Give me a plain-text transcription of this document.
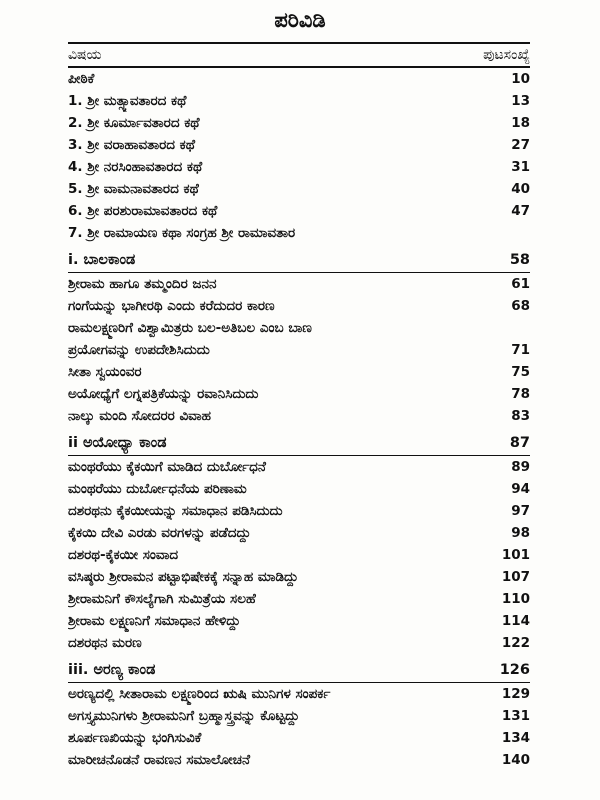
ಪರಿವಿಡಿ
ವಿಷಯ	ಪುಟಸಂಖ್ಯೆ
ಪೀಠಿಕೆ	10
1. ಶ್ರೀ ಮತ್ಸ್ಯಾವತಾರದ ಕಥೆ	13
2. ಶ್ರೀ ಕೂರ್ಮಾವತಾರದ ಕಥೆ	18
3. ಶ್ರೀ ವರಾಹಾವತಾರದ ಕಥೆ	27
4. ಶ್ರೀ ನರಸಿಂಹಾವತಾರದ ಕಥೆ	31
5. ಶ್ರೀ ವಾಮನಾವತಾರದ ಕಥೆ	40
6. ಶ್ರೀ ಪರಶುರಾಮಾವತಾರದ ಕಥೆ	47
7. ಶ್ರೀ ರಾಮಾಯಣ ಕಥಾ ಸಂಗ್ರಹ ಶ್ರೀ ರಾಮಾವತಾರ
i. ಬಾಲಕಾಂಡ	58
ಶ್ರೀರಾಮ ಹಾಗೂ ತಮ್ಮಂದಿರ ಜನನ	61
ಗಂಗೆಯನ್ನು ಭಾಗೀರಥಿ ಎಂದು ಕರೆದುದರ ಕಾರಣ	68
ರಾಮಲಕ್ಷ್ಮಣರಿಗೆ ವಿಶ್ವಾಮಿತ್ರರು ಬಲ-ಅತಿಬಲ ಎಂಬ ಬಾಣ
ಪ್ರಯೋಗವನ್ನು ಉಪದೇಶಿಸಿದುದು	71
ಸೀತಾ ಸ್ವಯಂವರ	75
ಅಯೋಧ್ಯೆಗೆ ಲಗ್ನಪತ್ರಿಕೆಯನ್ನು ರವಾನಿಸಿದುದು	78
ನಾಲ್ಕು ಮಂದಿ ಸೋದರರ ವಿವಾಹ	83
ii ಅಯೋಧ್ಯಾ ಕಾಂಡ	87
ಮಂಥರೆಯು ಕೈಕಯಿಗೆ ಮಾಡಿದ ದುರ್ಬೋಧನೆ	89
ಮಂಥರೆಯು ದುರ್ಬೋಧನೆಯ ಪರಿಣಾಮ	94
ದಶರಥನು ಕೈಕಯೀಯನ್ನು ಸಮಾಧಾನ ಪಡಿಸಿದುದು	97
ಕೈಕಯಿ ದೇವಿ ಎರಡು ವರಗಳನ್ನು ಪಡೆದದ್ದು	98
ದಶರಥ-ಕೈಕಯೀ ಸಂವಾದ	101
ವಸಿಷ್ಠರು ಶ್ರೀರಾಮನ ಪಟ್ಟಾಭಿಷೇಕಕ್ಕೆ ಸನ್ನಾಹ ಮಾಡಿದ್ದು	107
ಶ್ರೀರಾಮನಿಗೆ ಕೌಸಲ್ಯೆಗಾಗಿ ಸುಮಿತ್ರೆಯ ಸಲಹೆ	110
ಶ್ರೀರಾಮ ಲಕ್ಷ್ಮಣನಿಗೆ ಸಮಾಧಾನ ಹೇಳಿದ್ದು	114
ದಶರಥನ ಮರಣ	122
iii. ಅರಣ್ಯ ಕಾಂಡ	126
ಅರಣ್ಯದಲ್ಲಿ ಸೀತಾರಾಮ ಲಕ್ಷ್ಮಣರಿಂದ ಋಷಿ ಮುನಿಗಳ ಸಂಪರ್ಕ	129
ಅಗಸ್ತ್ಯಮುನಿಗಳು ಶ್ರೀರಾಮನಿಗೆ ಬ್ರಹ್ಮಾಸ್ತ್ರವನ್ನು ಕೊಟ್ಟದ್ದು	131
ಶೂರ್ಪಣಖಿಯನ್ನು ಭಂಗಿಸುವಿಕೆ	134
ಮಾರೀಚನೊಡನೆ ರಾವಣನ ಸಮಾಲೋಚನೆ	140
